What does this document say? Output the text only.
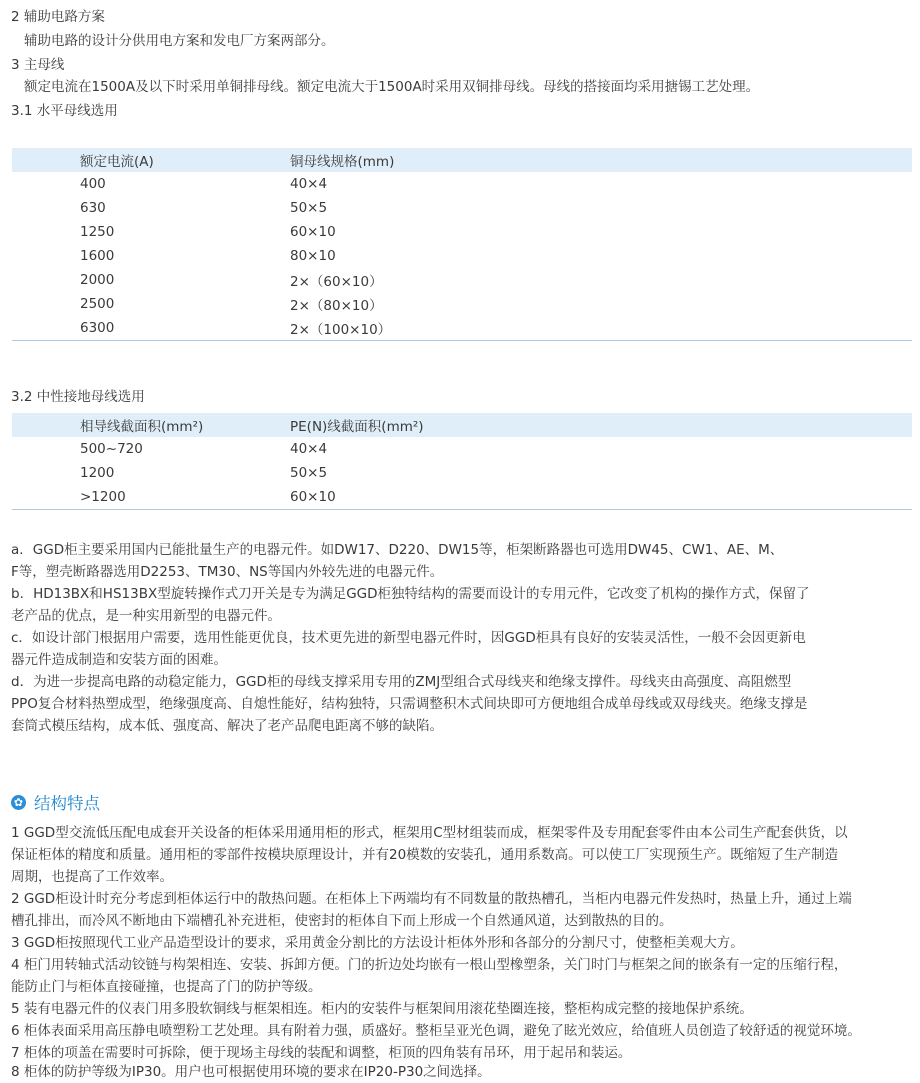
2 辅助电路方案
辅助电路的设计分供用电方案和发电厂方案两部分。
3 主母线
额定电流在1500A及以下时采用单铜排母线。额定电流大于1500A时采用双铜排母线。母线的搭接面均采用搪锡工艺处理。
3.1 水平母线选用
额定电流(A)	铜母线规格(mm)
400	40×4
630	50×5
1250	60×10
1600	80×10
2000	2×（60×10）
2500	2×（80×10）
6300	2×（100×10）
3.2 中性接地母线选用
相导线截面积(mm²)	PE(N)线截面积(mm²)
500~720	40×4
1200	50×5
>1200	60×10
a．GGD柜主要采用国内已能批量生产的电器元件。如DW17、D220、DW15等，柜架断路器也可选用DW45、CW1、AE、M、
F等，塑壳断路器选用D2253、TM30、NS等国内外较先进的电器元件。
b．HD13BX和HS13BX型旋转操作式刀开关是专为满足GGD柜独特结构的需要而设计的专用元件，它改变了机构的操作方式，保留了
老产品的优点，是一种实用新型的电器元件。
c．如设计部门根据用户需要，选用性能更优良，技术更先进的新型电器元件时，因GGD柜具有良好的安装灵活性，一般不会因更新电
器元件造成制造和安装方面的困难。
d．为进一步提高电路的动稳定能力，GGD柜的母线支撑采用专用的ZMJ型组合式母线夹和绝缘支撑件。母线夹由高强度、高阻燃型
PPO复合材料热塑成型，绝缘强度高、自熄性能好，结构独特，只需调整积木式间块即可方便地组合成单母线或双母线夹。绝缘支撑是
套筒式模压结构，成本低、强度高、解决了老产品爬电距离不够的缺陷。
✿ 结构特点
1 GGD型交流低压配电成套开关设备的柜体采用通用柜的形式，框架用C型材组装而成，框架零件及专用配套零件由本公司生产配套供货，以
保证柜体的精度和质量。通用柜的零部件按模块原理设计，并有20模数的安装孔，通用系数高。可以使工厂实现预生产。既缩短了生产制造
周期，也提高了工作效率。
2 GGD柜设计时充分考虑到柜体运行中的散热问题。在柜体上下两端均有不同数量的散热槽孔，当柜内电器元件发热时，热量上升，通过上端
槽孔排出，而冷风不断地由下端槽孔补充进柜，使密封的柜体自下而上形成一个自然通风道，达到散热的目的。
3 GGD柜按照现代工业产品造型设计的要求，采用黄金分割比的方法设计柜体外形和各部分的分割尺寸，使整柜美观大方。
4 柜门用转轴式活动铰链与构架相连、安装、拆卸方便。门的折边处均嵌有一根山型橡塑条，关门时门与框架之间的嵌条有一定的压缩行程，
能防止门与柜体直接碰撞，也提高了门的防护等级。
5 装有电器元件的仪表门用多股软铜线与框架相连。柜内的安装件与框架间用滚花垫圈连接，整柜构成完整的接地保护系统。
6 柜体表面采用高压静电喷塑粉工艺处理。具有附着力强，质盛好。整柜呈亚光色调，避免了眩光效应，给值班人员创造了较舒适的视觉环境。
7 柜体的项盖在需要时可拆除，便于现场主母线的装配和调整，柜顶的四角装有吊环，用于起吊和装运。
8 柜体的防护等级为IP30。用户也可根据使用环境的要求在IP20-P30之间选择。
